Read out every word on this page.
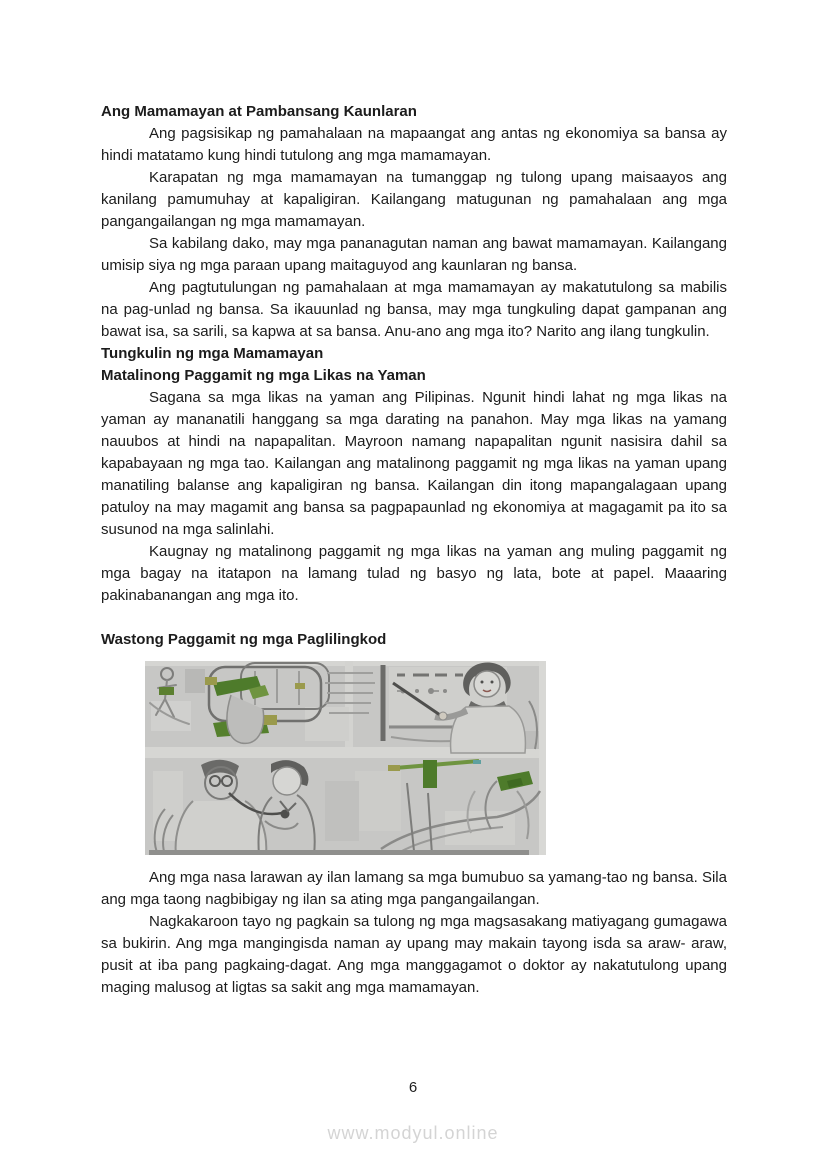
Ang Mamamayan at Pambansang Kaunlaran

Ang pagsisikap ng pamahalaan na mapaangat ang antas ng ekonomiya sa bansa ay hindi matatamo kung hindi tutulong ang mga mamamayan.

Karapatan ng mga mamamayan na tumanggap ng tulong upang maisaayos ang kanilang pamumuhay at kapaligiran. Kailangang matugunan ng pamahalaan ang mga pangangailangan ng mga mamamayan.

Sa kabilang dako, may mga pananagutan naman ang bawat mamamayan. Kailangang umisip siya ng mga paraan upang maitaguyod ang kaunlaran ng bansa.

Ang pagtutulungan ng pamahalaan at mga mamamayan ay makatutulong sa mabilis na pag-unlad ng bansa. Sa ikauunlad ng bansa, may mga tungkuling dapat gampanan ang bawat isa, sa sarili, sa kapwa at sa bansa. Anu-ano ang mga ito? Narito ang ilang tungkulin.

Tungkulin ng mga Mamamayan
Matalinong Paggamit ng mga Likas na Yaman

Sagana sa mga likas na yaman ang Pilipinas. Ngunit hindi lahat ng mga likas na yaman ay mananatili hanggang sa mga darating na panahon. May mga likas na yamang nauubos at hindi na napapalitan. Mayroon namang napapalitan ngunit nasisira dahil sa kapabayaan ng mga tao. Kailangan ang matalinong paggamit ng mga likas na yaman upang manatiling balanse ang kapaligiran ng bansa. Kailangan din itong mapangalagaan upang patuloy na may magamit ang bansa sa pagpapaunlad ng ekonomiya at magagamit pa ito sa susunod na mga salinlahi.

Kaugnay ng matalinong paggamit ng mga likas na yaman ang muling paggamit ng mga bagay na itatapon na lamang tulad ng basyo ng lata, bote at papel. Maaaring pakinabanangan ang mga ito.

Wastong Paggamit ng mga Paglilingkod

Ang mga nasa larawan ay ilan lamang sa mga bumubuo sa yamang-tao ng bansa. Sila ang mga taong nagbibigay ng ilan sa ating mga pangangailangan.

Nagkakaroon tayo ng pagkain sa tulong ng mga magsasakang matiyagang gumagawa sa bukirin. Ang mga mangingisda naman ay upang may makain tayong isda sa araw- araw, pusit at iba pang pagkaing-dagat. Ang mga manggagamot o doktor ay nakatutulong upang maging malusog at ligtas sa sakit ang mga mamamayan.

6
www.modyul.online
